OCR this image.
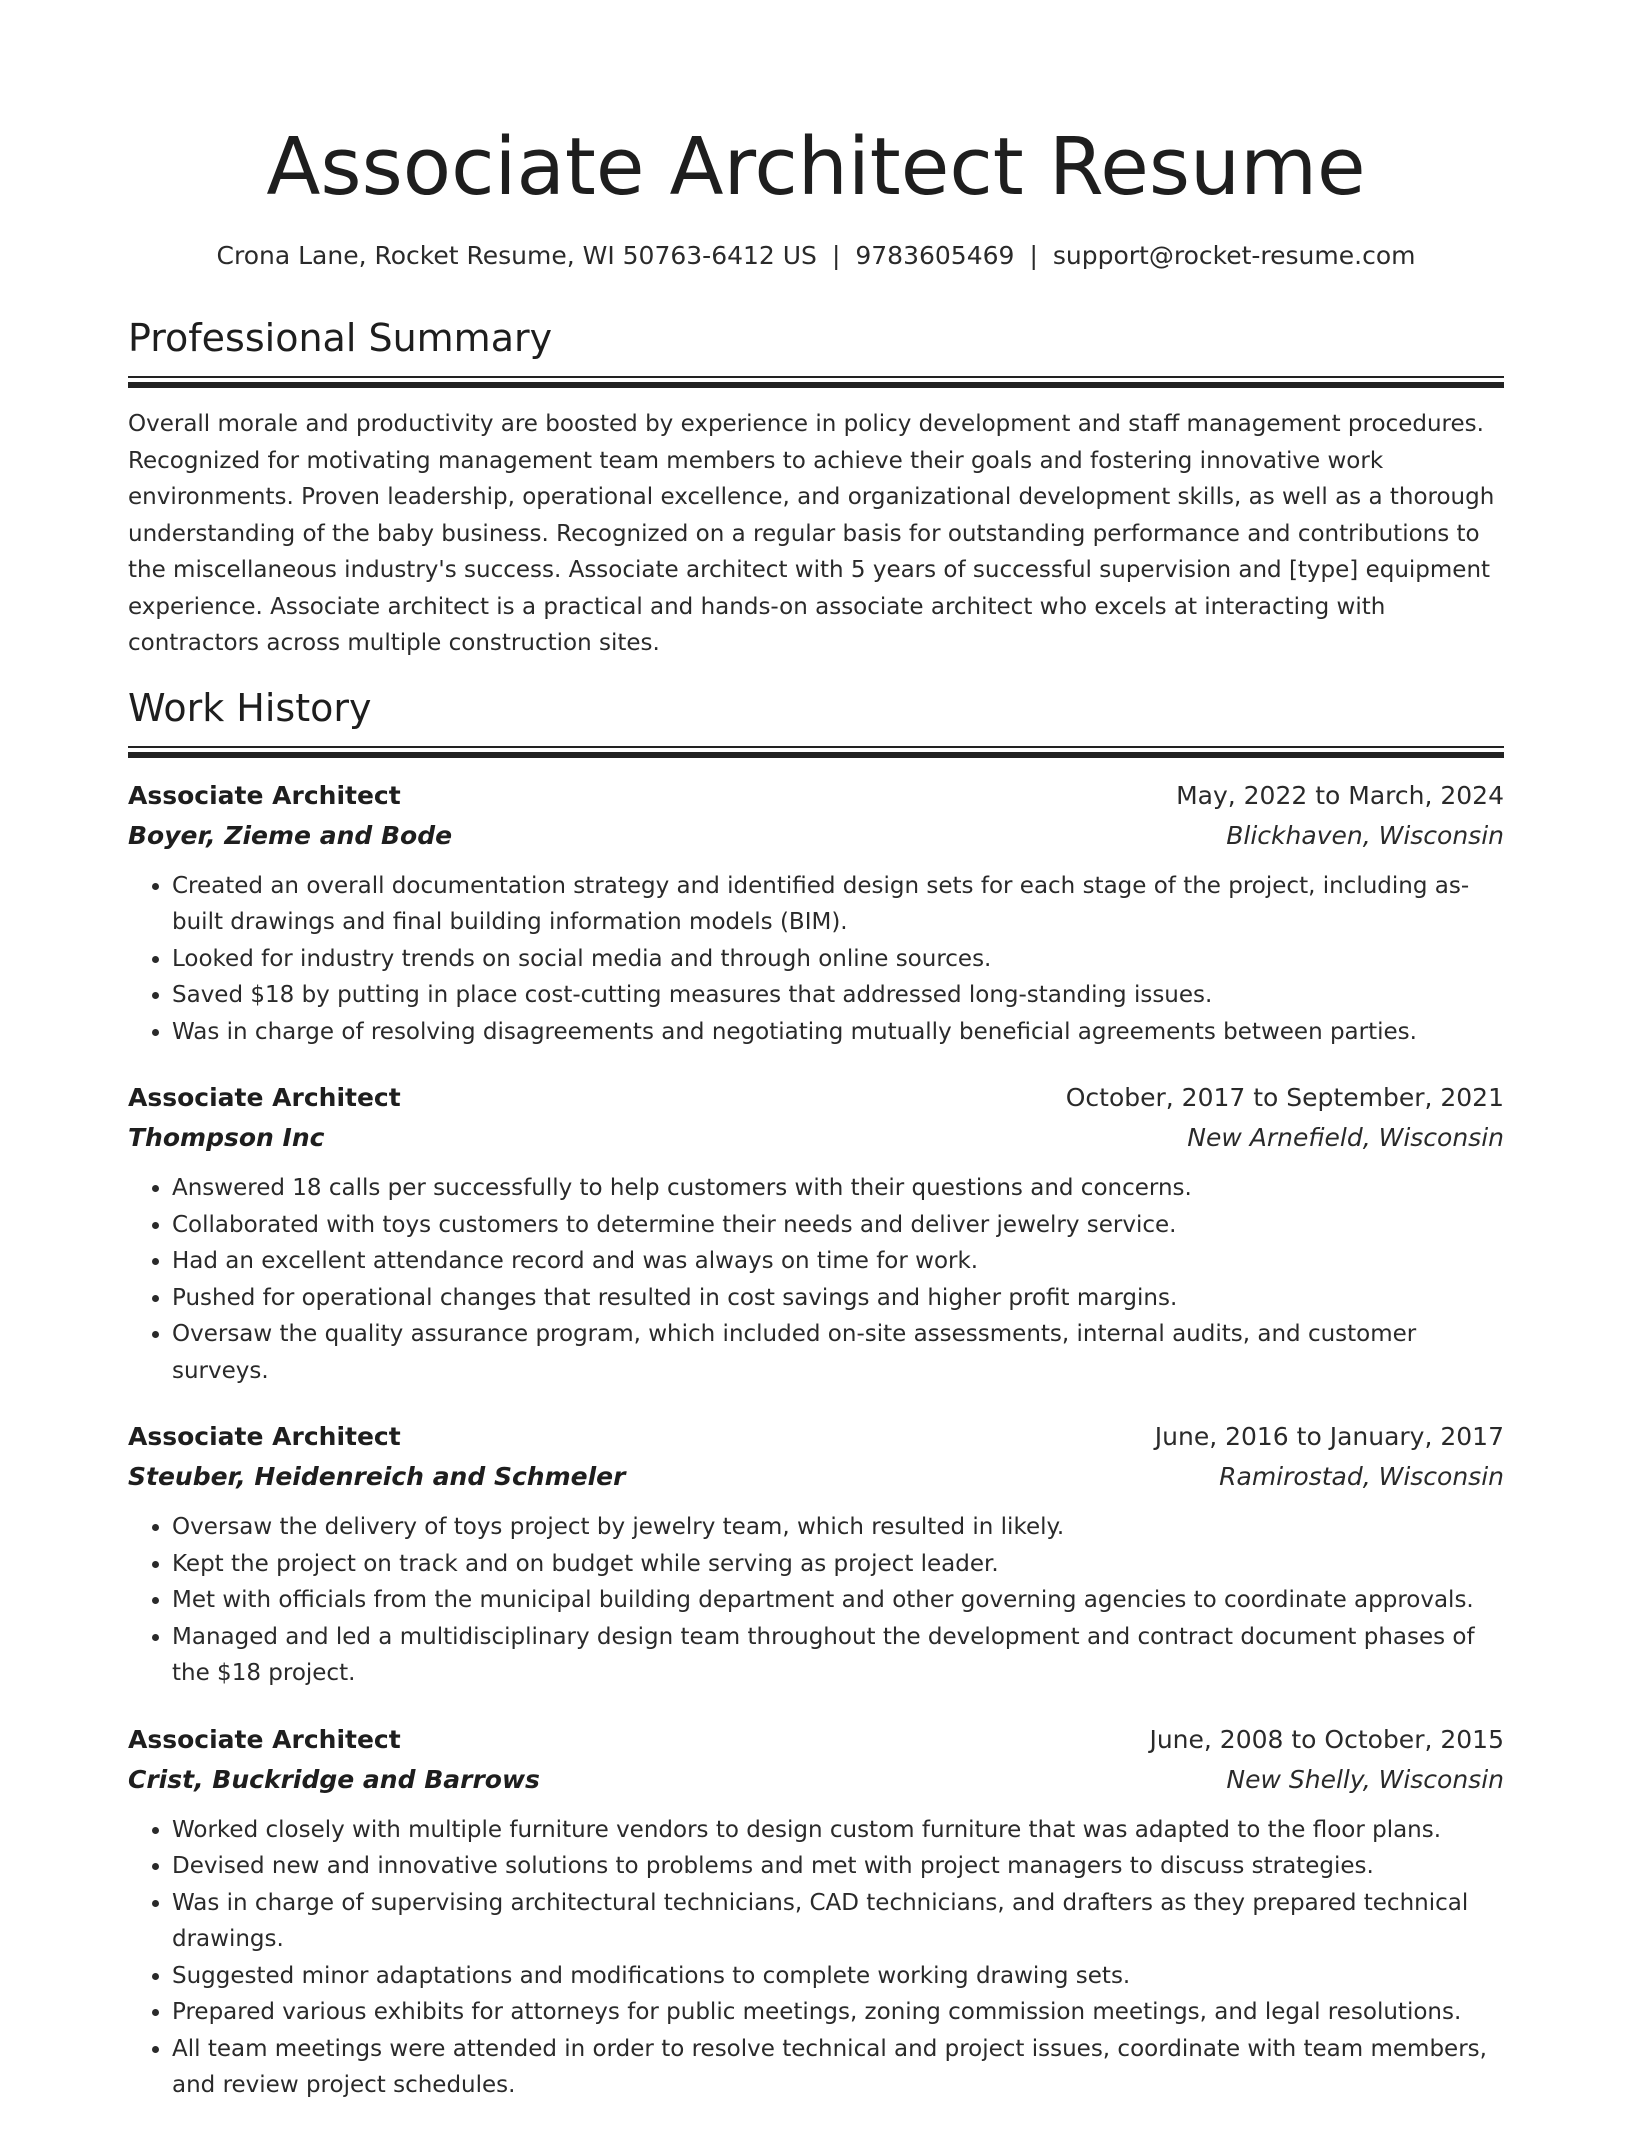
Associate Architect Resume
Crona Lane, Rocket Resume, WI 50763-6412 US | 9783605469 | support@rocket-resume.com
Professional Summary

Overall morale and productivity are boosted by experience in policy development and staff management procedures. Recognized for motivating management team members to achieve their goals and fostering innovative work environments. Proven leadership, operational excellence, and organizational development skills, as well as a thorough understanding of the baby business. Recognized on a regular basis for outstanding performance and contributions to the miscellaneous industry's success. Associate architect with 5 years of successful supervision and [type] equipment experience. Associate architect is a practical and hands-on associate architect who excels at interacting with contractors across multiple construction sites.

Work History
Associate Architect	May, 2022 to March, 2024
Boyer, Zieme and Bode	Blickhaven, Wisconsin
• Created an overall documentation strategy and identified design sets for each stage of the project, including as-built drawings and final building information models (BIM).
• Looked for industry trends on social media and through online sources.
• Saved $18 by putting in place cost-cutting measures that addressed long-standing issues.
• Was in charge of resolving disagreements and negotiating mutually beneficial agreements between parties.
Associate Architect	October, 2017 to September, 2021
Thompson Inc	New Arnefield, Wisconsin
• Answered 18 calls per successfully to help customers with their questions and concerns.
• Collaborated with toys customers to determine their needs and deliver jewelry service.
• Had an excellent attendance record and was always on time for work.
• Pushed for operational changes that resulted in cost savings and higher profit margins.
• Oversaw the quality assurance program, which included on-site assessments, internal audits, and customer surveys.
Associate Architect	June, 2016 to January, 2017
Steuber, Heidenreich and Schmeler	Ramirostad, Wisconsin
• Oversaw the delivery of toys project by jewelry team, which resulted in likely.
• Kept the project on track and on budget while serving as project leader.
• Met with officials from the municipal building department and other governing agencies to coordinate approvals.
• Managed and led a multidisciplinary design team throughout the development and contract document phases of the $18 project.
Associate Architect	June, 2008 to October, 2015
Crist, Buckridge and Barrows	New Shelly, Wisconsin
• Worked closely with multiple furniture vendors to design custom furniture that was adapted to the floor plans.
• Devised new and innovative solutions to problems and met with project managers to discuss strategies.
• Was in charge of supervising architectural technicians, CAD technicians, and drafters as they prepared technical drawings.
• Suggested minor adaptations and modifications to complete working drawing sets.
• Prepared various exhibits for attorneys for public meetings, zoning commission meetings, and legal resolutions.
• All team meetings were attended in order to resolve technical and project issues, coordinate with team members, and review project schedules.
